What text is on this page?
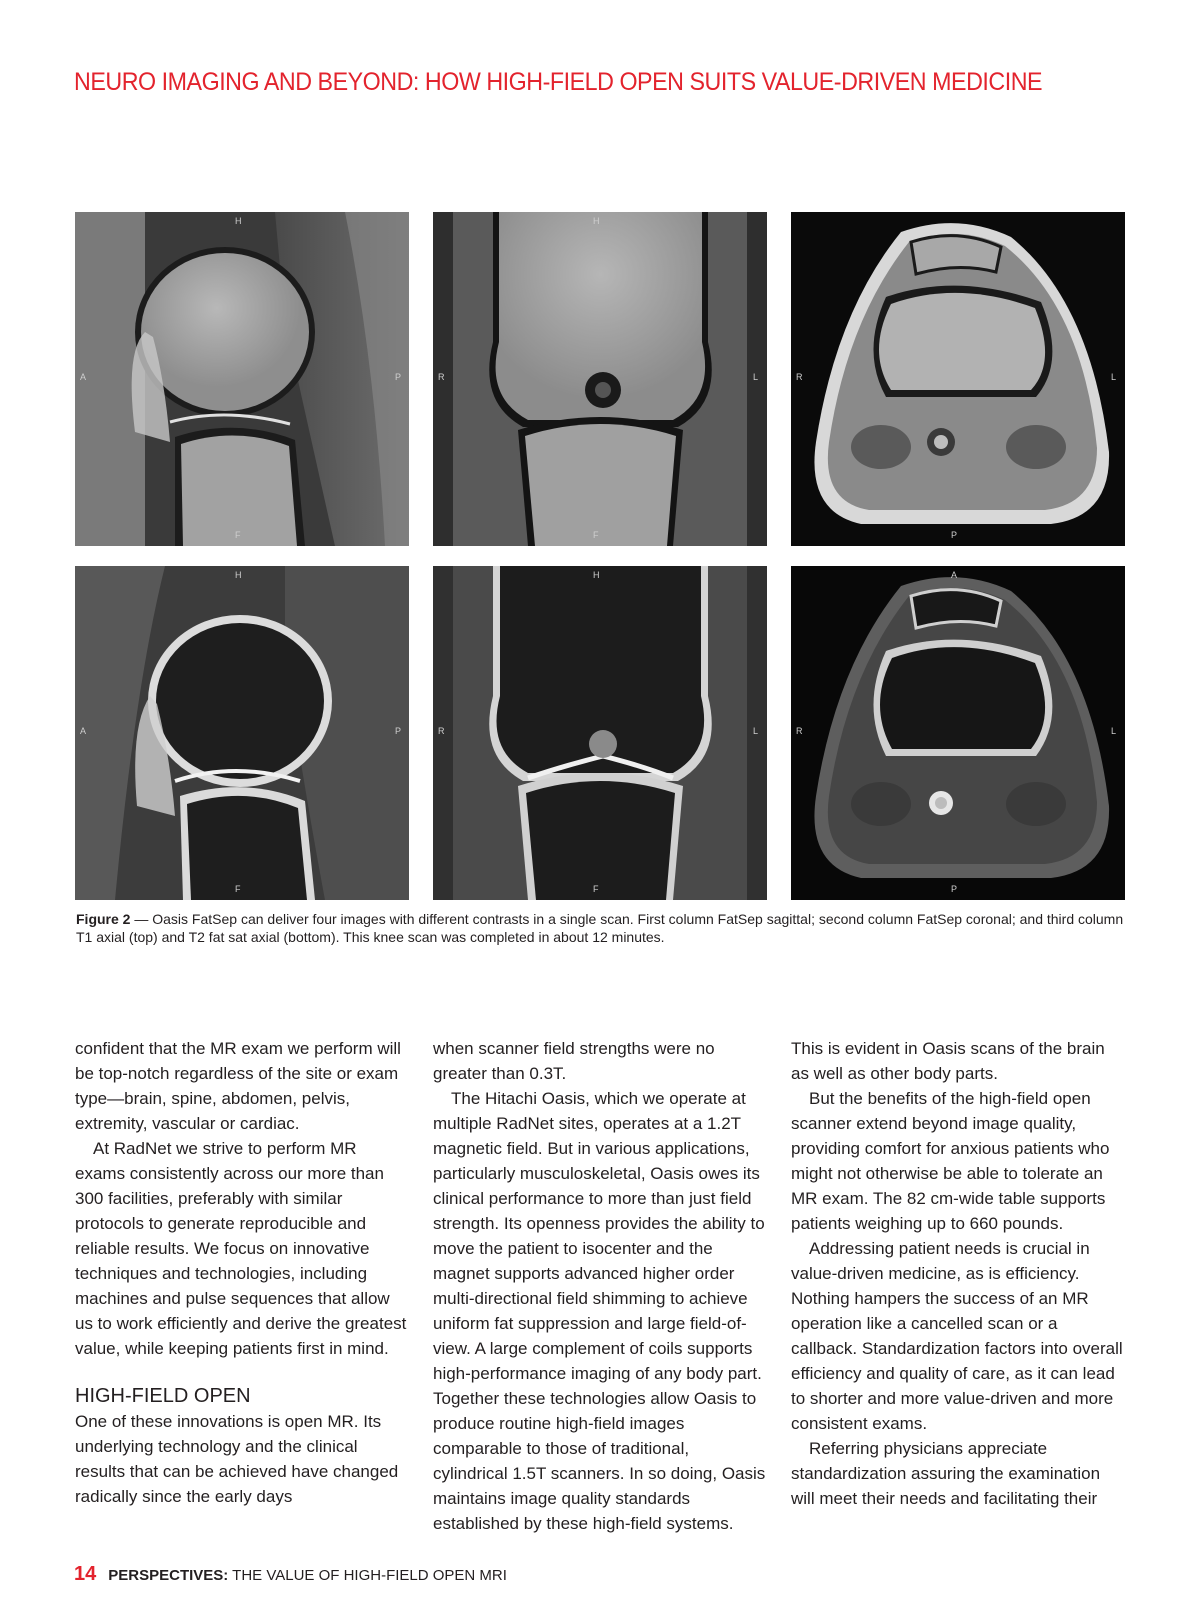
NEURO IMAGING AND BEYOND: HOW HIGH-FIELD OPEN SUITS VALUE-DRIVEN MEDICINE
H
A	P
F
H
R	L
F
R	L
P
H
A	P
F
H
R	L
F
A
R	L
P
Figure 2 — Oasis FatSep can deliver four images with different contrasts in a single scan. First column FatSep sagittal; second column FatSep coronal; and third column T1 axial (top) and T2 fat sat axial (bottom). This knee scan was completed in about 12 minutes.

confident that the MR exam we perform will be top-notch regardless of the site or exam type—brain, spine, abdomen, pelvis, extremity, vascular or cardiac.

At RadNet we strive to perform MR exams consistently across our more than 300 facilities, preferably with similar protocols to generate reproducible and reliable results. We focus on innovative techniques and technologies, including machines and pulse sequences that allow us to work efficiently and derive the greatest value, while keeping patients first in mind.

HIGH-FIELD OPEN

One of these innovations is open MR. Its underlying technology and the clinical results that can be achieved have changed radically since the early days

when scanner field strengths were no greater than 0.3T.

The Hitachi Oasis, which we operate at multiple RadNet sites, operates at a 1.2T magnetic field. But in various applications, particularly musculoskeletal, Oasis owes its clinical performance to more than just field strength. Its openness provides the ability to move the patient to isocenter and the magnet supports advanced higher order multi-directional field shimming to achieve uniform fat suppression and large field-of-view. A large complement of coils supports high-performance imaging of any body part. Together these technologies allow Oasis to produce routine high-field images comparable to those of traditional, cylindrical 1.5T scanners. In so doing, Oasis maintains image quality standards established by these high-field systems.

This is evident in Oasis scans of the brain as well as other body parts.

But the benefits of the high-field open scanner extend beyond image quality, providing comfort for anxious patients who might not otherwise be able to tolerate an MR exam. The 82 cm-wide table supports patients weighing up to 660 pounds.

Addressing patient needs is crucial in value-driven medicine, as is efficiency. Nothing hampers the success of an MR operation like a cancelled scan or a callback. Standardization factors into overall efficiency and quality of care, as it can lead to shorter and more value-driven and more consistent exams.

Referring physicians appreciate standardization assuring the examination will meet their needs and facilitating their

14 PERSPECTIVES: THE VALUE OF HIGH-FIELD OPEN MRI
